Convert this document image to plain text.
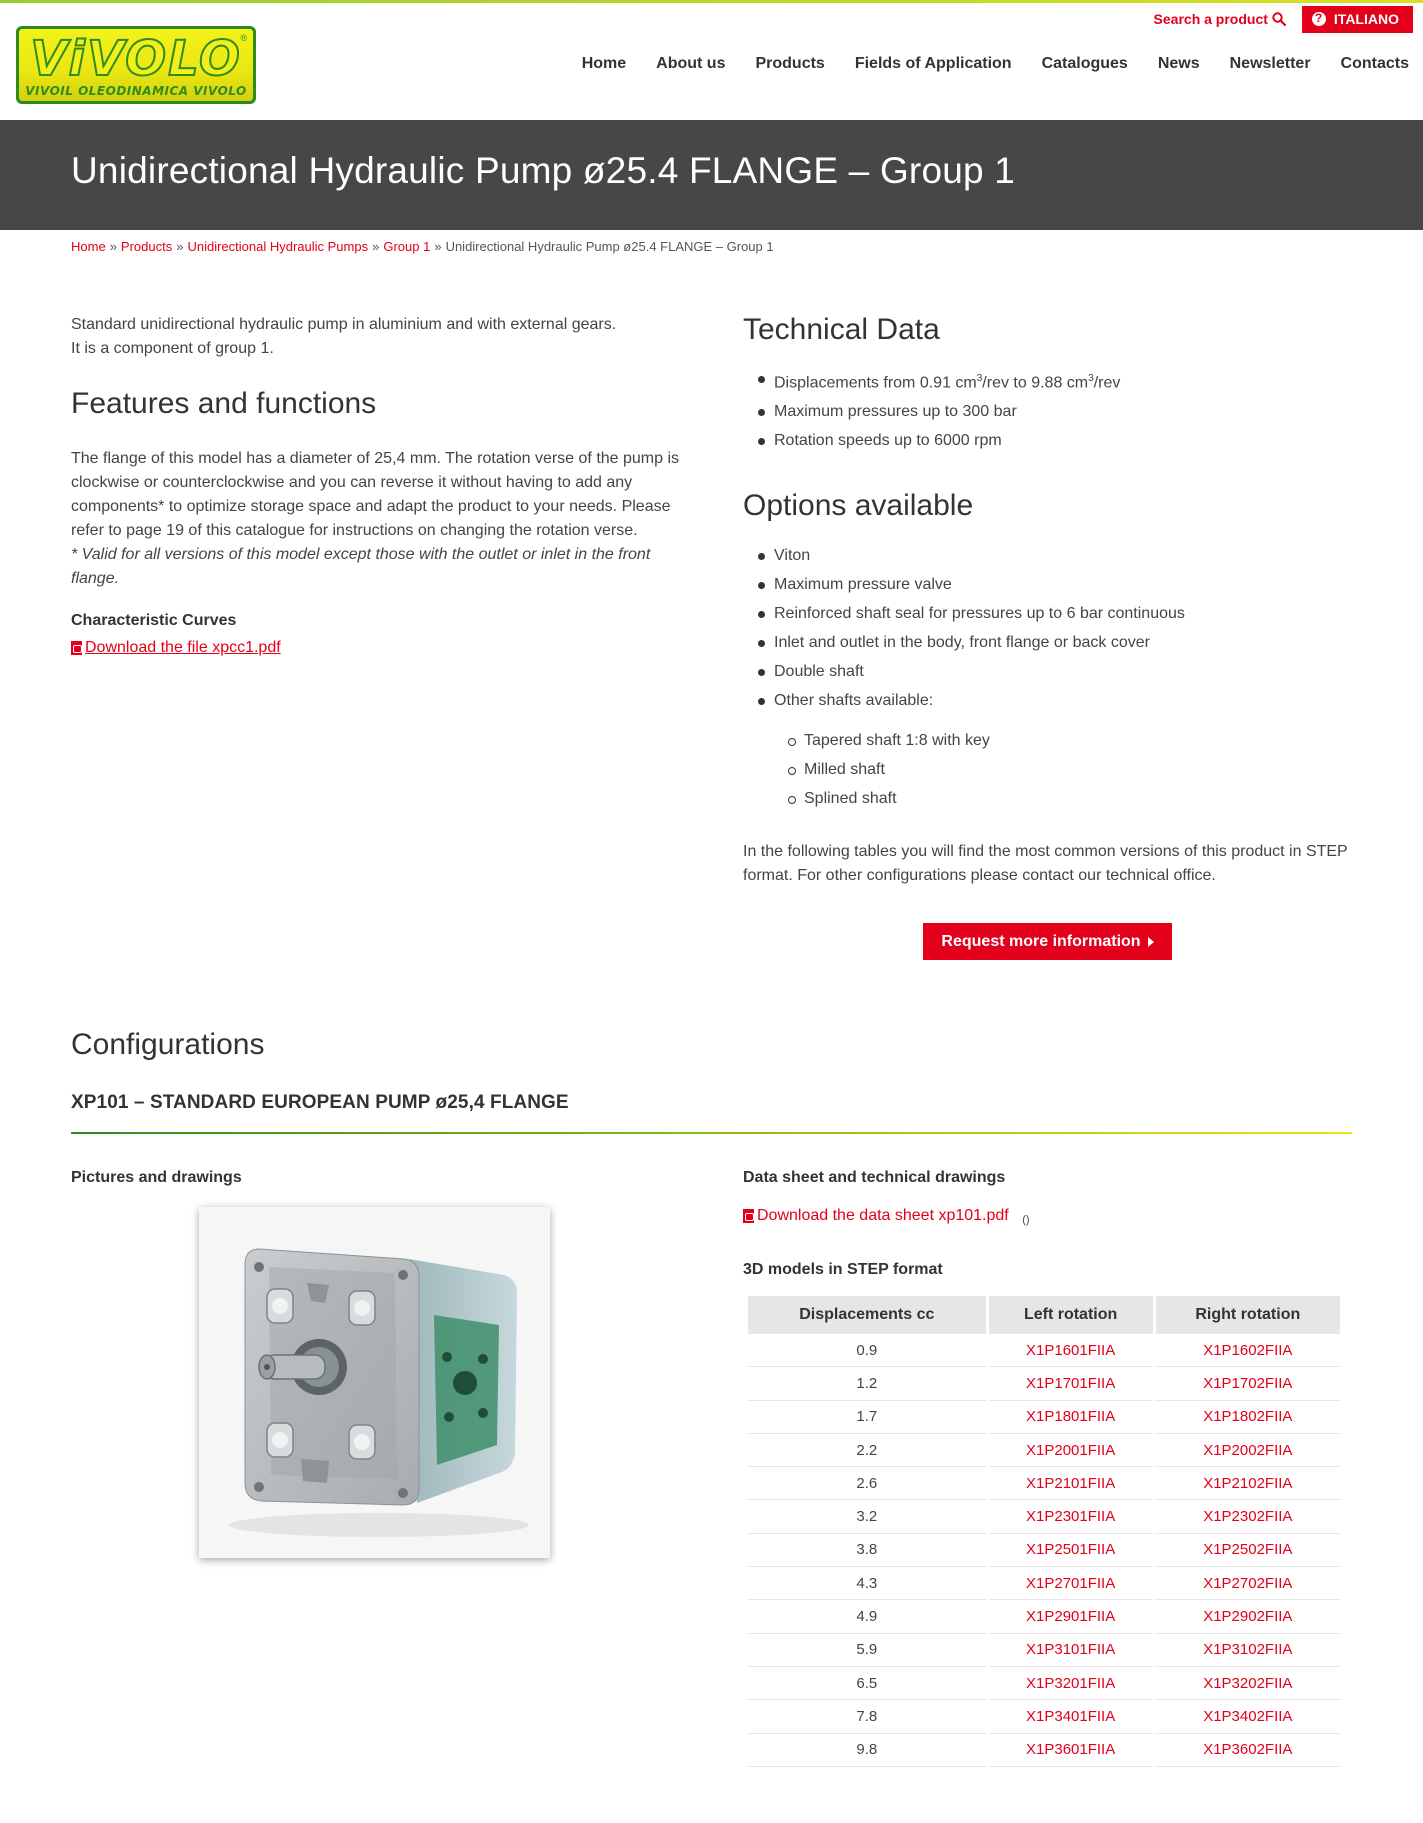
ViVOLO
®
VIVOIL OLEODINAMICA VIVOLO
Search a product ?	ITALIANO
Home About us Products Fields of Application Catalogues News Newsletter Contacts
Unidirectional Hydraulic Pump ø25.4 FLANGE – Group 1
Home » Products » Unidirectional Hydraulic Pumps » Group 1 » Unidirectional Hydraulic Pump ø25.4 FLANGE – Group 1

Standard unidirectional hydraulic pump in aluminium and with external gears.

It is a component of group 1.

Features and functions

The flange of this model has a diameter of 25,4 mm. The rotation verse of the pump is clockwise or counterclockwise and you can reverse it without having to add any components* to optimize storage space and adapt the product to your needs. Please refer to page 19 of this catalogue for instructions on changing the rotation verse.

* Valid for all versions of this model except those with the outlet or inlet in the front flange.

Characteristic Curves
Download the file xpcc1.pdf
Technical Data
Displacements from 0.91 $cm^3$/rev to 9.88 $cm^3$/rev
Maximum pressures up to 300 bar
Rotation speeds up to 6000 rpm
Options available
Viton
Maximum pressure valve
Reinforced shaft seal for pressures up to 6 bar continuous
Inlet and outlet in the body, front flange or back cover
Double shaft
Other shafts available:
Tapered shaft 1:8 with key
Milled shaft
Splined shaft

In the following tables you will find the most common versions of this product in STEP format. For other configurations please contact our technical office.

Request more information
Configurations
XP101 – STANDARD EUROPEAN PUMP ø25,4 FLANGE
Pictures and drawings	Data sheet and technical drawings
Download the data sheet xp101.pdf ()
3D models in STEP format
Displacements cc	Left rotation	Right rotation
0.9	X1P1601FIIA	X1P1602FIIA
1.2	X1P1701FIIA	X1P1702FIIA
1.7	X1P1801FIIA	X1P1802FIIA
2.2	X1P2001FIIA	X1P2002FIIA
2.6	X1P2101FIIA	X1P2102FIIA
3.2	X1P2301FIIA	X1P2302FIIA
3.8	X1P2501FIIA	X1P2502FIIA
4.3	X1P2701FIIA	X1P2702FIIA
4.9	X1P2901FIIA	X1P2902FIIA
5.9	X1P3101FIIA	X1P3102FIIA
6.5	X1P3201FIIA	X1P3202FIIA
7.8	X1P3401FIIA	X1P3402FIIA
9.8	X1P3601FIIA	X1P3602FIIA
